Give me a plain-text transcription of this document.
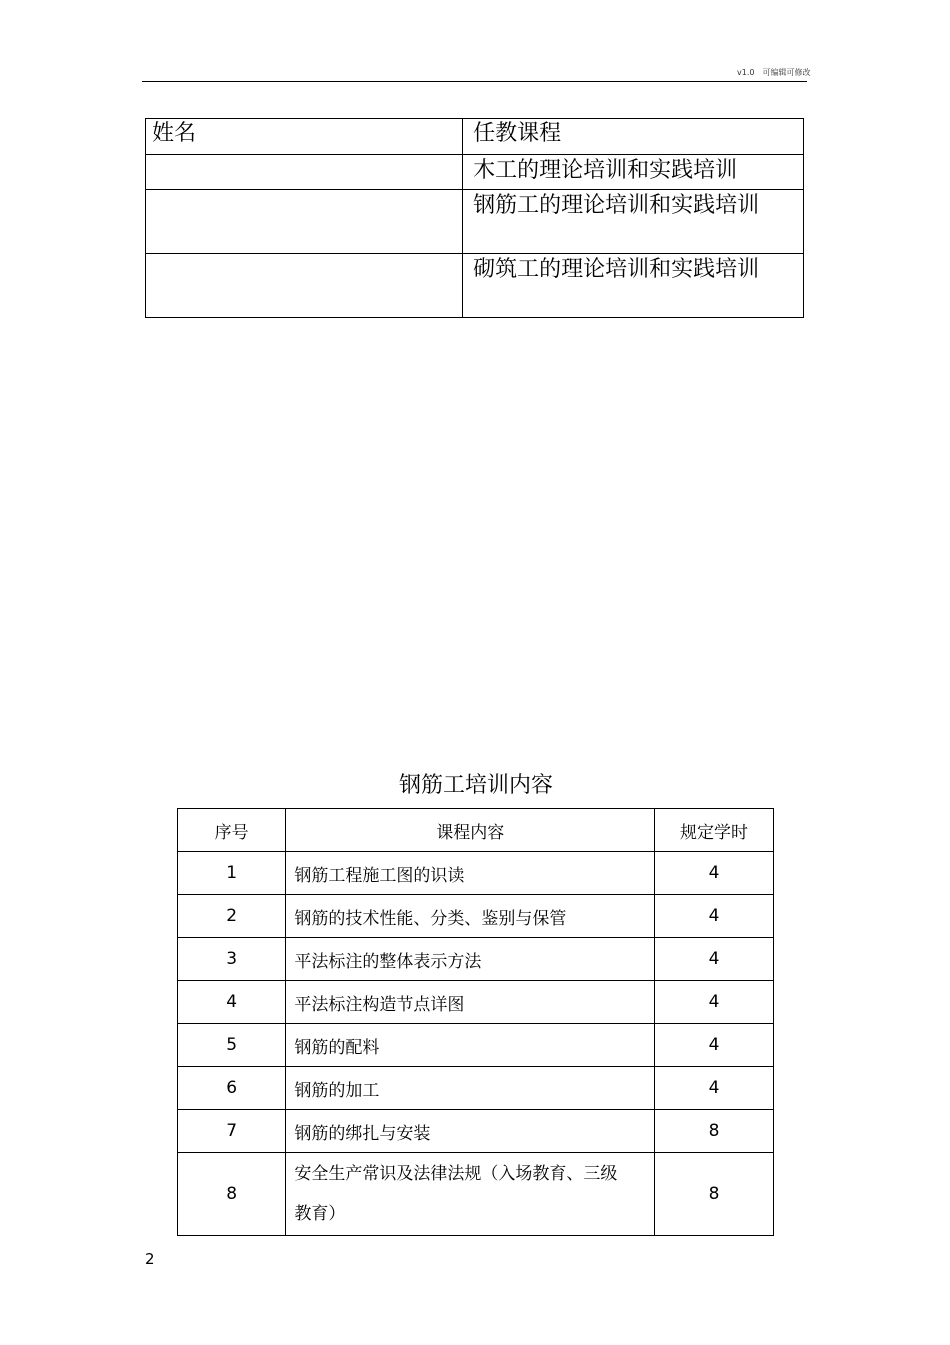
v1.0　可编辑可修改
姓名	任教课程
	木工的理论培训和实践培训
	钢筋工的理论培训和实践培训
	砌筑工的理论培训和实践培训
钢筋工培训内容
序号	课程内容	规定学时
1	钢筋工程施工图的识读	4
2	钢筋的技术性能、分类、鉴别与保管	4
3	平法标注的整体表示方法	4
4	平法标注构造节点详图	4
5	钢筋的配料	4
6	钢筋的加工	4
7	钢筋的绑扎与安装	8
8	安全生产常识及法律法规（入场教育、三级教育）	8
2
